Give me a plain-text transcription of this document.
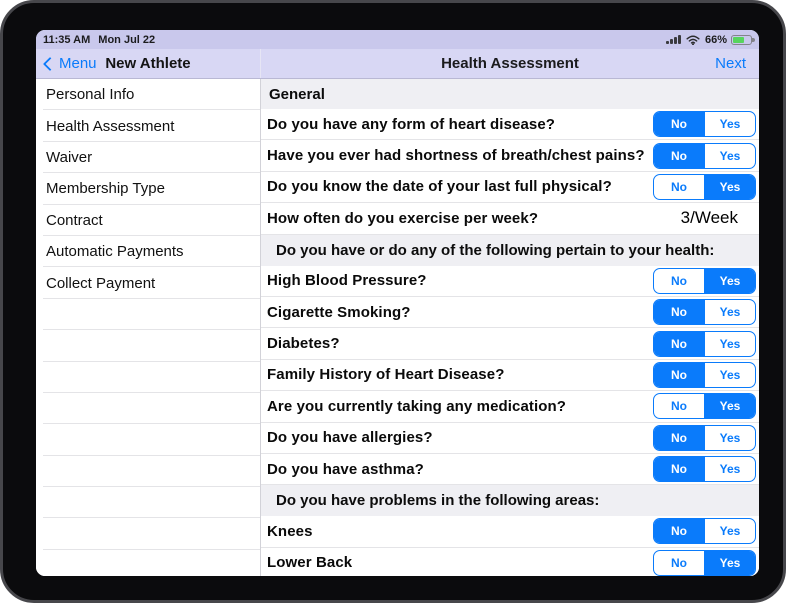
11:35 AM Mon Jul 22	66%
Menu New Athlete	Health Assessment	Next
Personal Info
Health Assessment
Waiver
Membership Type
Contract
Automatic Payments
Collect Payment
General
Do you have any form of heart disease?	No	Yes
Have you ever had shortness of breath/chest pains?	No	Yes
Do you know the date of your last full physical?	No	Yes
How often do you exercise per week?	3/Week
Do you have or do any of the following pertain to your health:
High Blood Pressure?	No	Yes
Cigarette Smoking?	No	Yes
Diabetes?	No	Yes
Family History of Heart Disease?	No	Yes
Are you currently taking any medication?	No	Yes
Do you have allergies?	No	Yes
Do you have asthma?	No	Yes
Do you have problems in the following areas:
Knees	No	Yes
Lower Back	No	Yes
